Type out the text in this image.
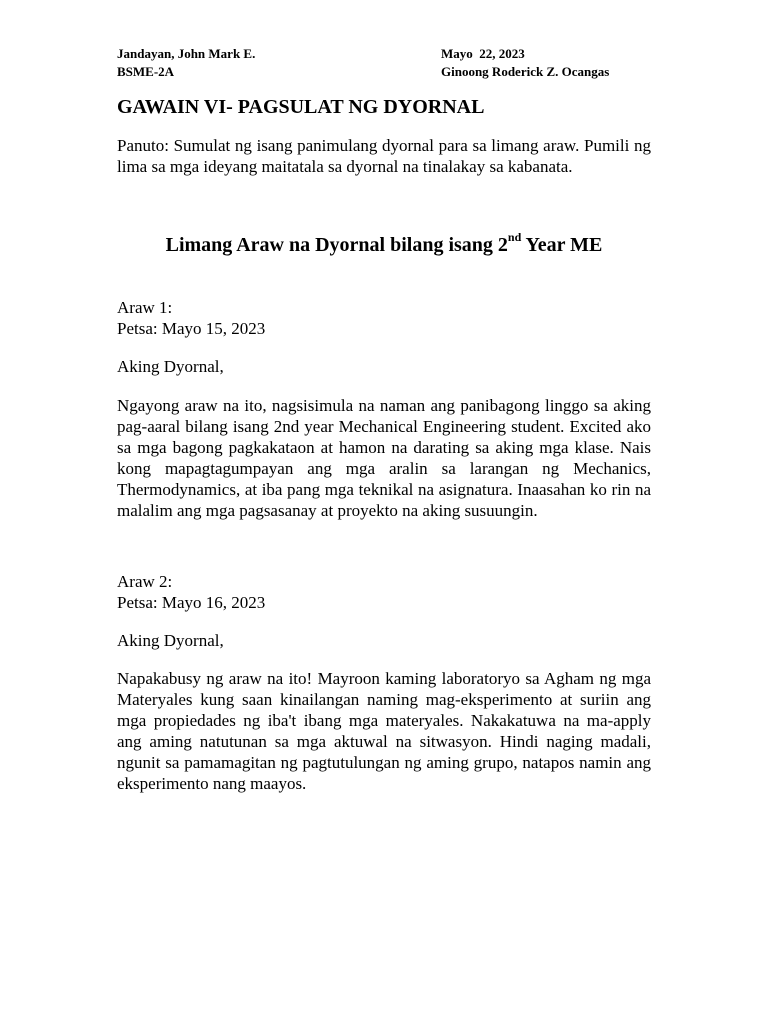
Jandayan, John Mark E.	Mayo  22, 2023
BSME-2A	Ginoong Roderick Z. Ocangas
GAWAIN VI- PAGSULAT NG DYORNAL

Panuto: Sumulat ng isang panimulang dyornal para sa limang araw. Pumili ng lima sa mga ideyang maitatala sa dyornal na tinalakay sa kabanata.

Limang Araw na Dyornal bilang isang 2nd Year ME
Araw 1:
Petsa: Mayo 15, 2023
Aking Dyornal,

Ngayong araw na ito, nagsisimula na naman ang panibagong linggo sa aking pag-aaral bilang isang 2nd year Mechanical Engineering student. Excited ako sa mga bagong pagkakataon at hamon na darating sa aking mga klase. Nais kong mapagtagumpayan ang mga aralin sa larangan ng Mechanics, Thermodynamics, at iba pang mga teknikal na asignatura. Inaasahan ko rin na malalim ang mga pagsasanay at proyekto na aking susuungin.

Araw 2:
Petsa: Mayo 16, 2023
Aking Dyornal,

Napakabusy ng araw na ito! Mayroon kaming laboratoryo sa Agham ng mga Materyales kung saan kinailangan naming mag-eksperimento at suriin ang mga propiedades ng iba't ibang mga materyales. Nakakatuwa na ma-apply ang aming natutunan sa mga aktuwal na sitwasyon. Hindi naging madali, ngunit sa pamamagitan ng pagtutulungan ng aming grupo, natapos namin ang eksperimento nang maayos.
